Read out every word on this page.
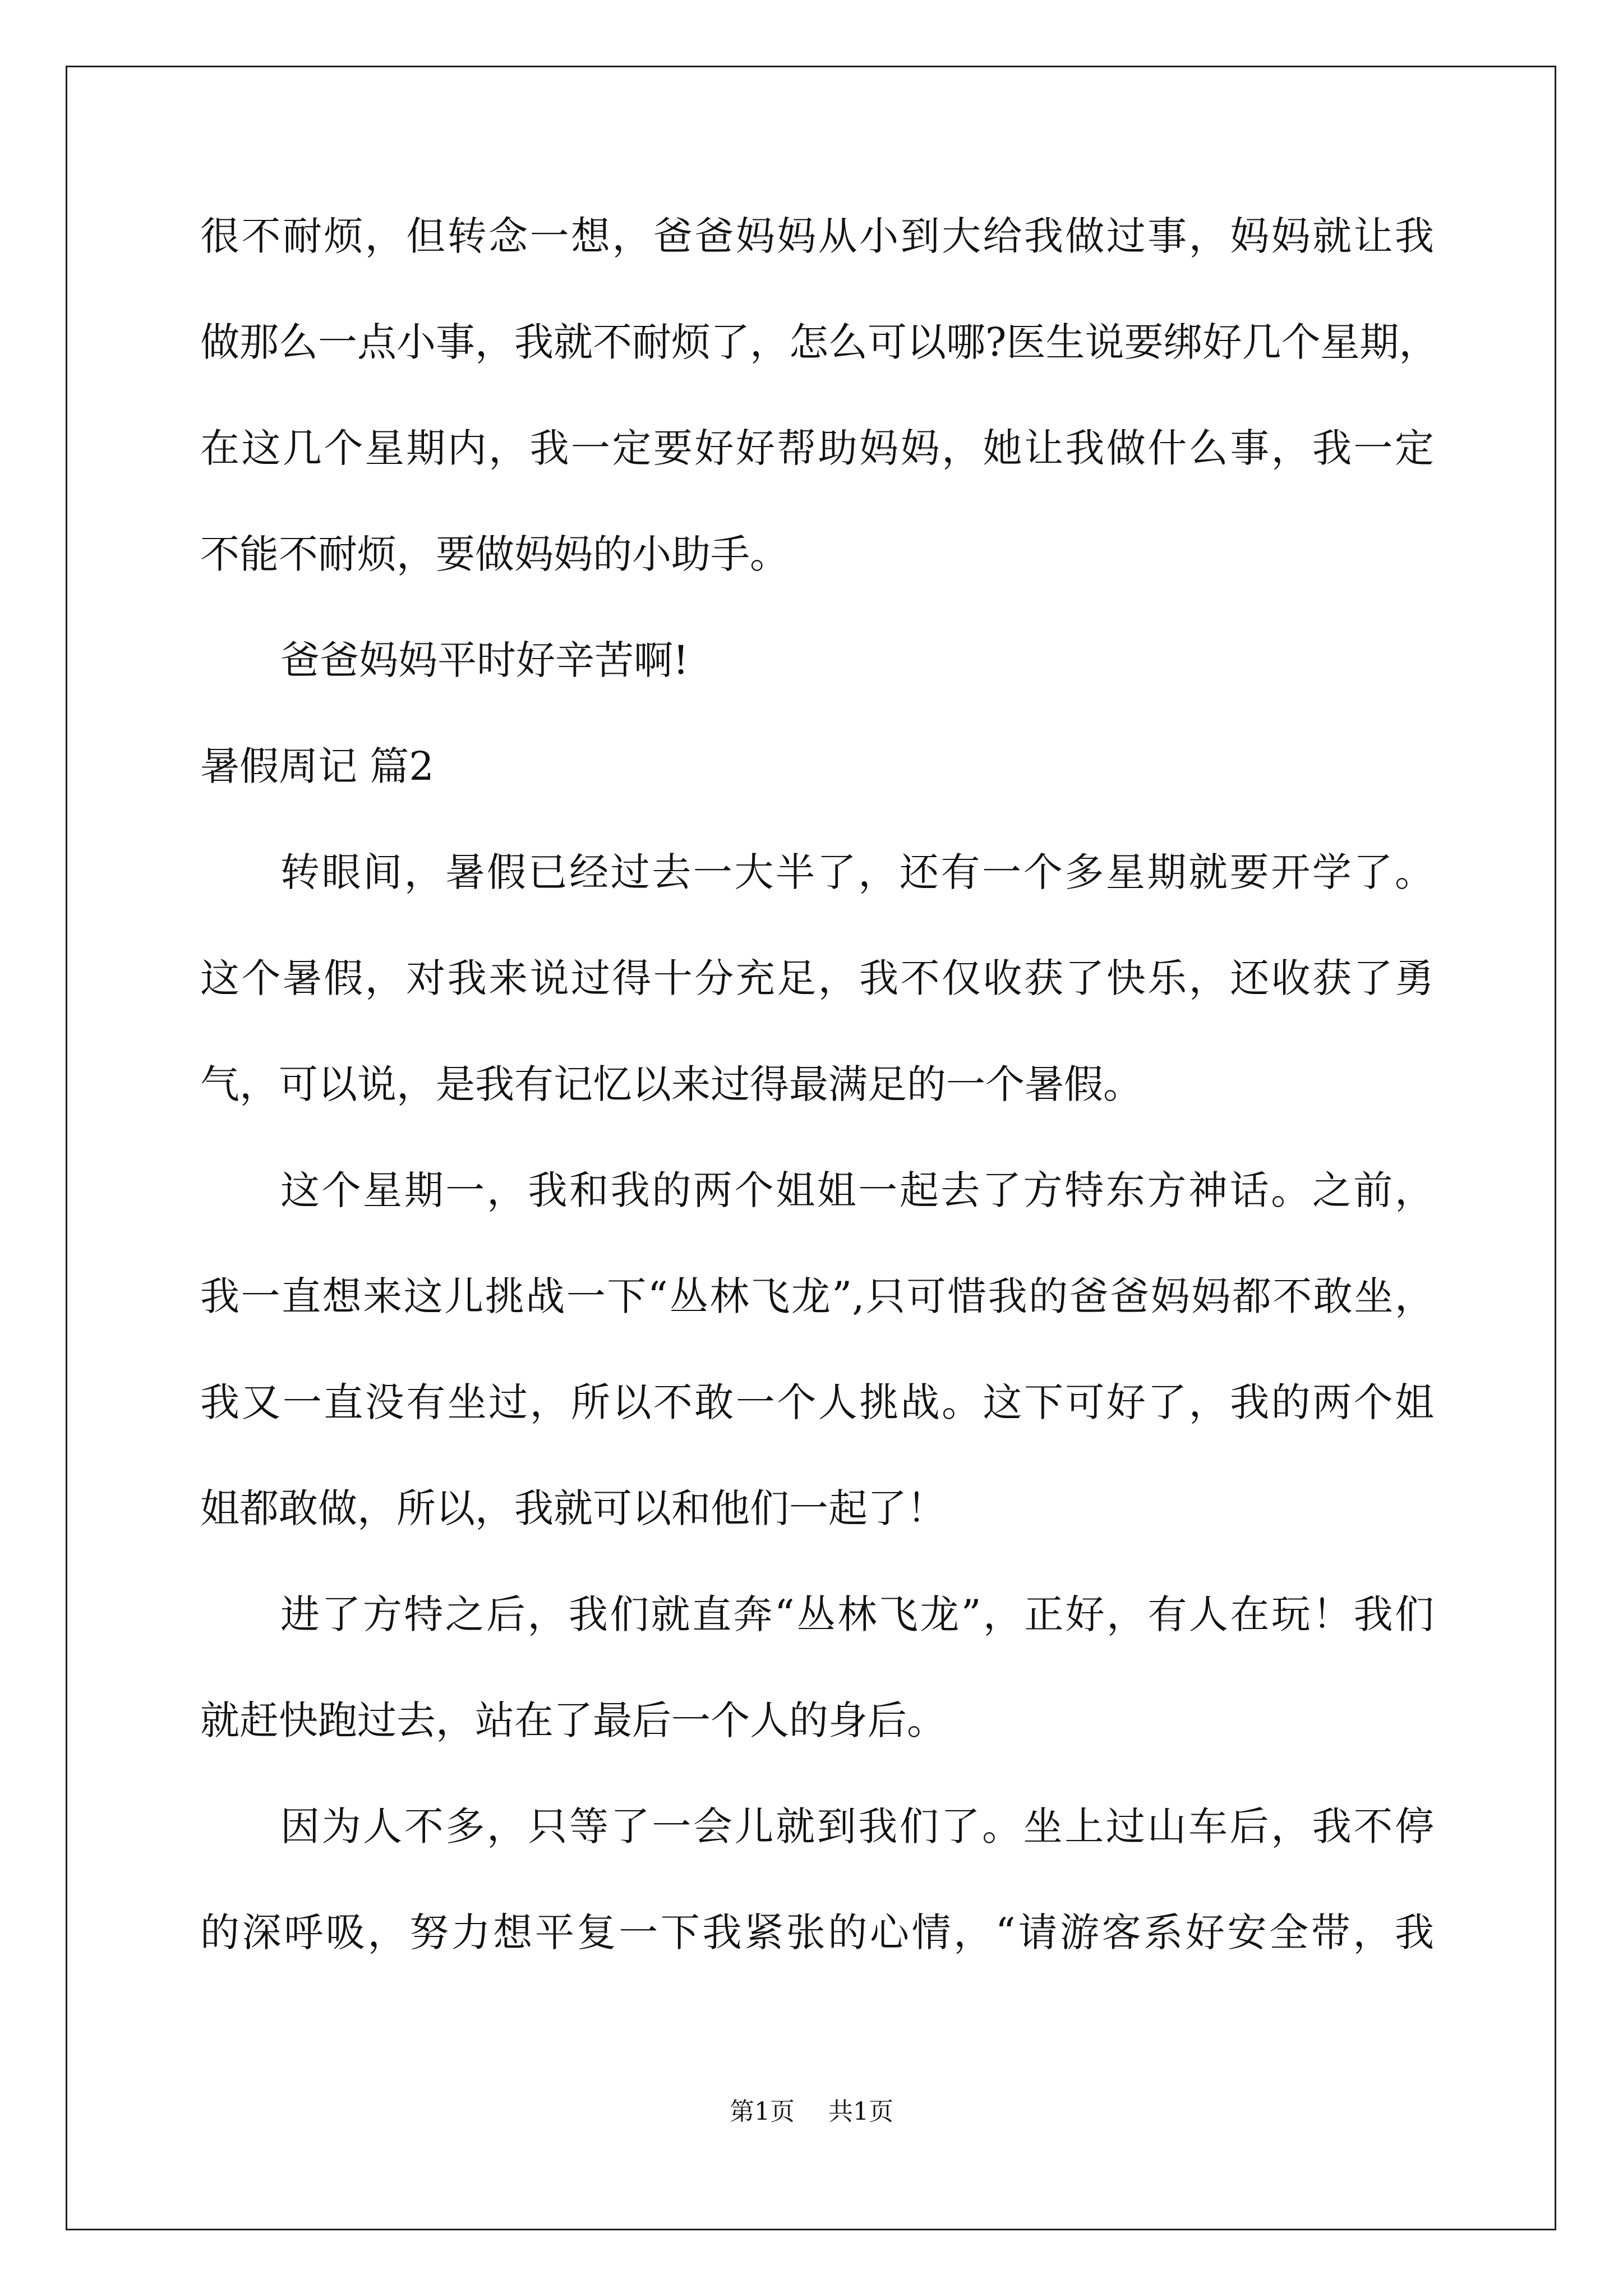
很不耐烦，但转念一想，爸爸妈妈从小到大给我做过事，妈妈就让我
做那么一点小事，我就不耐烦了，怎么可以哪?医生说要绑好几个星期，
在这几个星期内，我一定要好好帮助妈妈，她让我做什么事，我一定
不能不耐烦，要做妈妈的小助手。
爸爸妈妈平时好辛苦啊!
暑假周记 篇2
转眼间，暑假已经过去一大半了，还有一个多星期就要开学了。
这个暑假，对我来说过得十分充足，我不仅收获了快乐，还收获了勇
气，可以说，是我有记忆以来过得最满足的一个暑假。
这个星期一，我和我的两个姐姐一起去了方特东方神话。之前，
我一直想来这儿挑战一下“丛林飞龙”,只可惜我的爸爸妈妈都不敢坐，
我又一直没有坐过，所以不敢一个人挑战。这下可好了，我的两个姐
姐都敢做，所以，我就可以和他们一起了！
进了方特之后，我们就直奔“丛林飞龙”，正好，有人在玩！我们
就赶快跑过去，站在了最后一个人的身后。
因为人不多，只等了一会儿就到我们了。坐上过山车后，我不停
的深呼吸，努力想平复一下我紧张的心情，“请游客系好安全带，我
第1页 共1页
